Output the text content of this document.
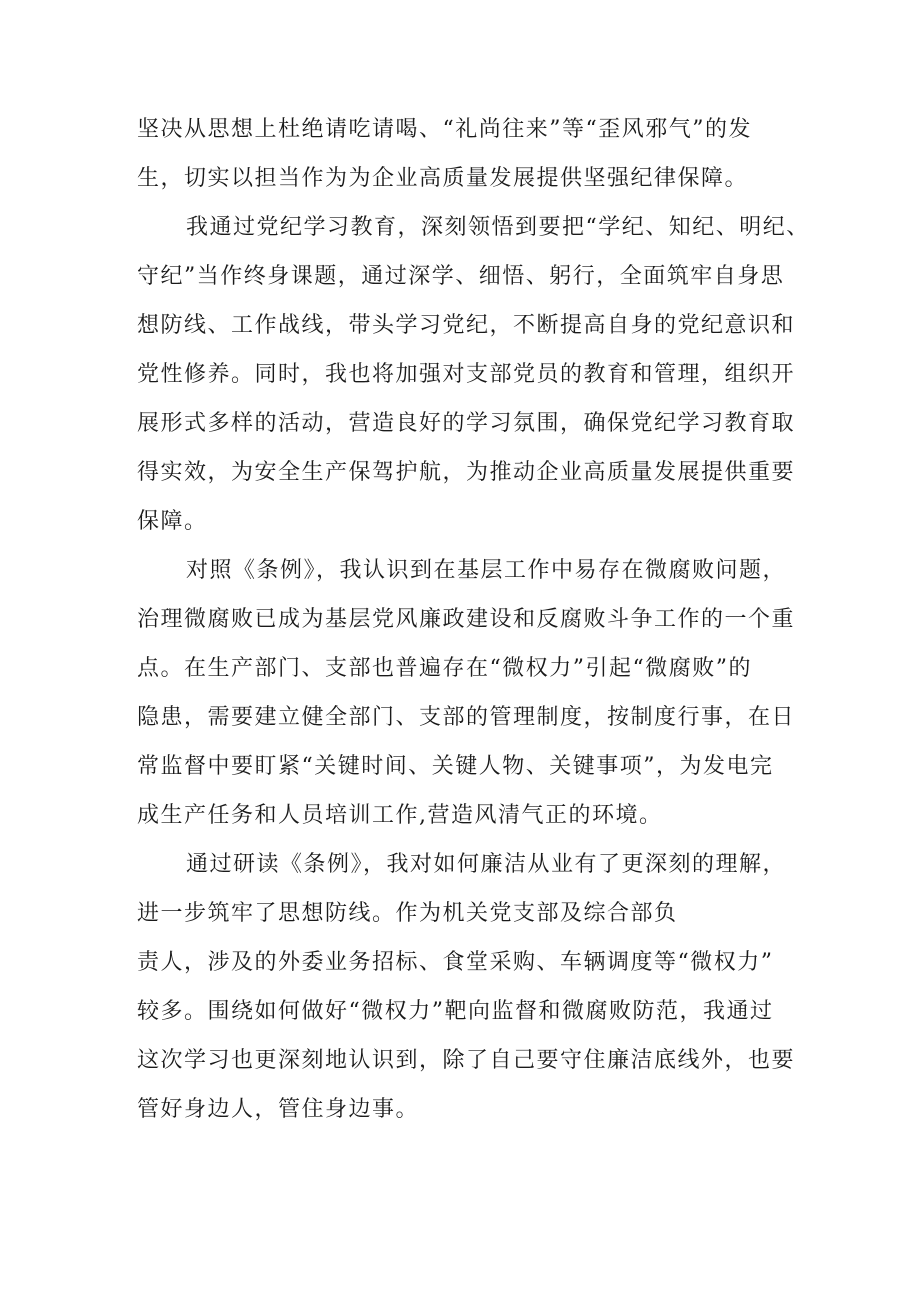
坚决从思想上杜绝请吃请喝、“礼尚往来”等“歪风邪气”的发
生，切实以担当作为为企业高质量发展提供坚强纪律保障。
我通过党纪学习教育，深刻领悟到要把“学纪、知纪、明纪、
守纪”当作终身课题，通过深学、细悟、躬行，全面筑牢自身思
想防线、工作战线，带头学习党纪，不断提高自身的党纪意识和
党性修养。同时，我也将加强对支部党员的教育和管理，组织开
展形式多样的活动，营造良好的学习氛围，确保党纪学习教育取
得实效，为安全生产保驾护航，为推动企业高质量发展提供重要
保障。
对照《条例》，我认识到在基层工作中易存在微腐败问题，
治理微腐败已成为基层党风廉政建设和反腐败斗争工作的一个重
点。在生产部门、支部也普遍存在“微权力”引起“微腐败”的
隐患，需要建立健全部门、支部的管理制度，按制度行事，在日
常监督中要盯紧“关键时间、关键人物、关键事项”，为发电完
成生产任务和人员培训工作,营造风清气正的环境。
通过研读《条例》，我对如何廉洁从业有了更深刻的理解，
进一步筑牢了思想防线。作为机关党支部及综合部负
责人，涉及的外委业务招标、食堂采购、车辆调度等“微权力”
较多。围绕如何做好“微权力”靶向监督和微腐败防范，我通过
这次学习也更深刻地认识到，除了自己要守住廉洁底线外，也要
管好身边人，管住身边事。
